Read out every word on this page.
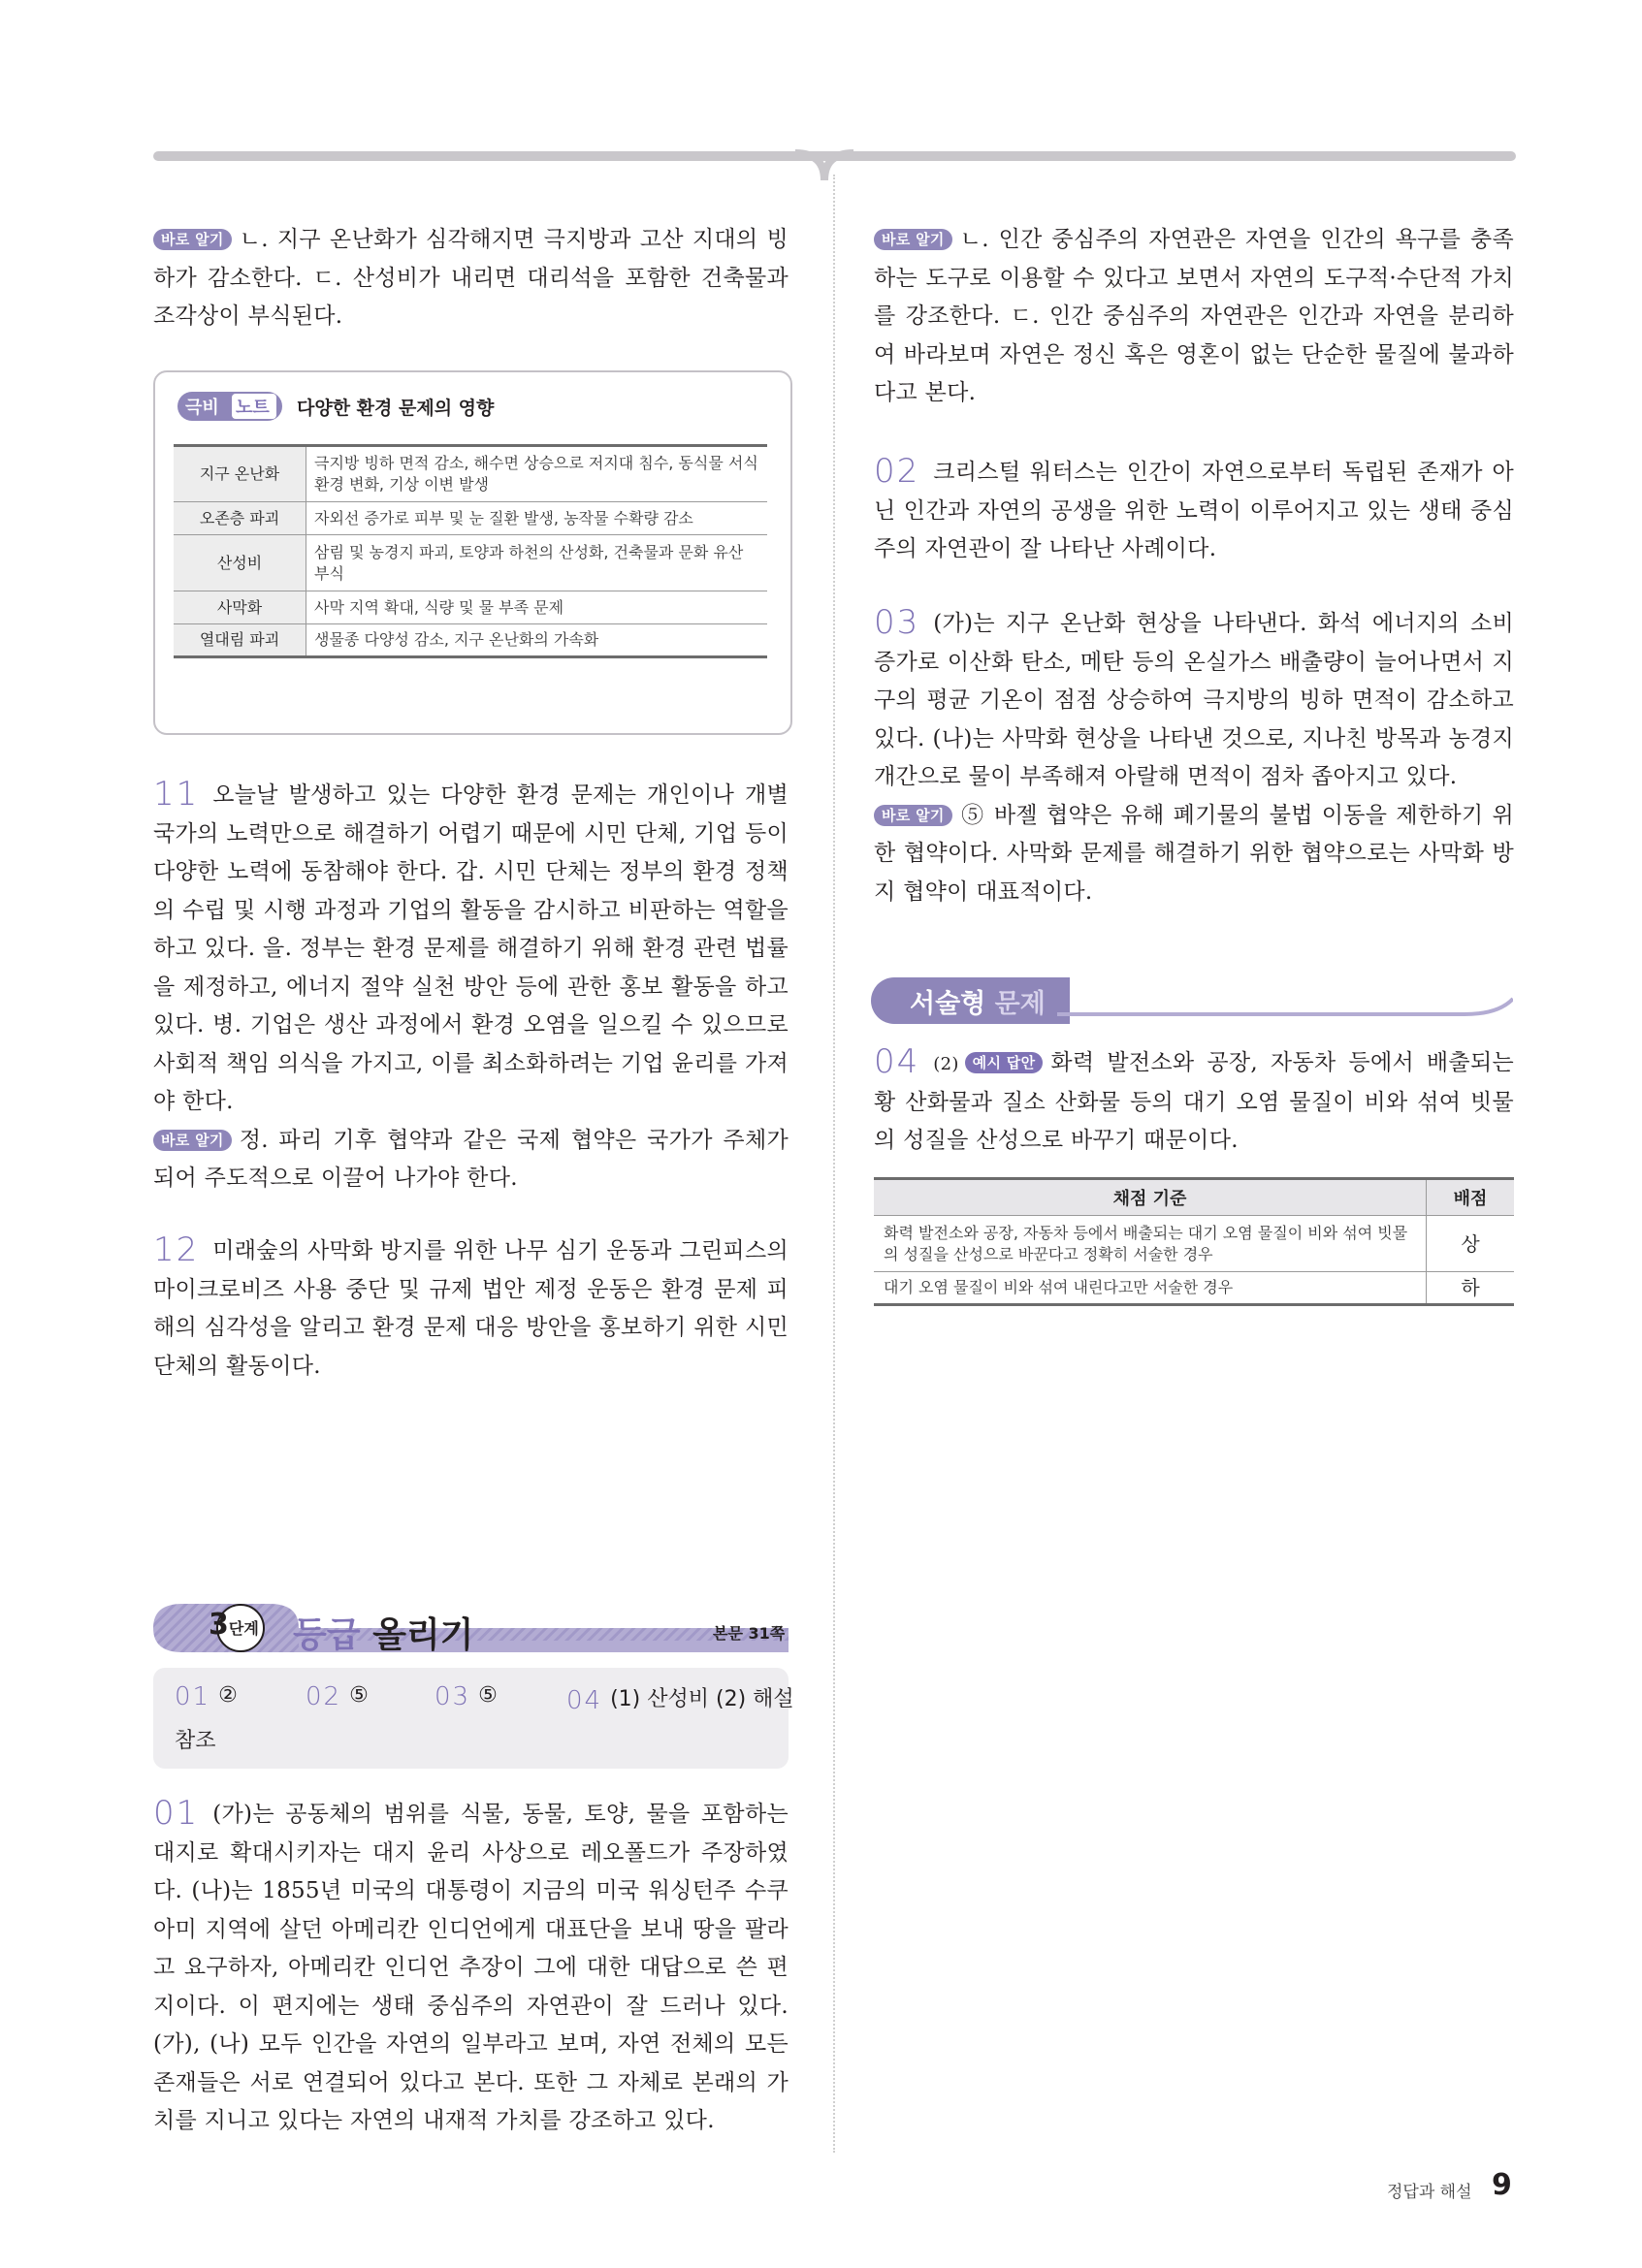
바로 알기 ㄴ. 지구 온난화가 심각해지면 극지방과 고산 지대의 빙하가 감소한다. ㄷ. 산성비가 내리면 대리석을 포함한 건축물과 조각상이 부식된다.

극비 노트 다양한 환경 문제의 영향
지구 온난화	극지방 빙하 면적 감소, 해수면 상승으로 저지대 침수, 동식물 서식 환경 변화, 기상 이변 발생
오존층 파괴	자외선 증가로 피부 및 눈 질환 발생, 농작물 수확량 감소
산성비	삼림 및 농경지 파괴, 토양과 하천의 산성화, 건축물과 문화 유산 부식
사막화	사막 지역 확대, 식량 및 물 부족 문제
열대림 파괴	생물종 다양성 감소, 지구 온난화의 가속화

11 오늘날 발생하고 있는 다양한 환경 문제는 개인이나 개별 국가의 노력만으로 해결하기 어렵기 때문에 시민 단체, 기업 등이 다양한 노력에 동참해야 한다. 갑. 시민 단체는 정부의 환경 정책의 수립 및 시행 과정과 기업의 활동을 감시하고 비판하는 역할을 하고 있다. 을. 정부는 환경 문제를 해결하기 위해 환경 관련 법률을 제정하고, 에너지 절약 실천 방안 등에 관한 홍보 활동을 하고 있다. 병. 기업은 생산 과정에서 환경 오염을 일으킬 수 있으므로 사회적 책임 의식을 가지고, 이를 최소화하려는 기업 윤리를 가져야 한다.

바로 알기 정. 파리 기후 협약과 같은 국제 협약은 국가가 주체가 되어 주도적으로 이끌어 나가야 한다.

12 미래숲의 사막화 방지를 위한 나무 심기 운동과 그린피스의 마이크로비즈 사용 중단 및 규제 법안 제정 운동은 환경 문제 피해의 심각성을 알리고 환경 문제 대응 방안을 홍보하기 위한 시민 단체의 활동이다.

3단계 등급 올리기	본문 31쪽
01 ②	02 ⑤	03 ⑤	04 (1) 산성비 (2) 해설
참조

01 (가)는 공동체의 범위를 식물, 동물, 토양, 물을 포함하는 대지로 확대시키자는 대지 윤리 사상으로 레오폴드가 주장하였다. (나)는 1855년 미국의 대통령이 지금의 미국 워싱턴주 수쿠아미 지역에 살던 아메리칸 인디언에게 대표단을 보내 땅을 팔라고 요구하자, 아메리칸 인디언 추장이 그에 대한 대답으로 쓴 편지이다. 이 편지에는 생태 중심주의 자연관이 잘 드러나 있다. (가), (나) 모두 인간을 자연의 일부라고 보며, 자연 전체의 모든 존재들은 서로 연결되어 있다고 본다. 또한 그 자체로 본래의 가치를 지니고 있다는 자연의 내재적 가치를 강조하고 있다.

바로 알기 ㄴ. 인간 중심주의 자연관은 자연을 인간의 욕구를 충족하는 도구로 이용할 수 있다고 보면서 자연의 도구적·수단적 가치를 강조한다. ㄷ. 인간 중심주의 자연관은 인간과 자연을 분리하여 바라보며 자연은 정신 혹은 영혼이 없는 단순한 물질에 불과하다고 본다.

02 크리스털 워터스는 인간이 자연으로부터 독립된 존재가 아닌 인간과 자연의 공생을 위한 노력이 이루어지고 있는 생태 중심주의 자연관이 잘 나타난 사례이다.

03 (가)는 지구 온난화 현상을 나타낸다. 화석 에너지의 소비 증가로 이산화 탄소, 메탄 등의 온실가스 배출량이 늘어나면서 지구의 평균 기온이 점점 상승하여 극지방의 빙하 면적이 감소하고 있다. (나)는 사막화 현상을 나타낸 것으로, 지나친 방목과 농경지 개간으로 물이 부족해져 아랄해 면적이 점차 좁아지고 있다.

바로 알기 ⑤ 바젤 협약은 유해 폐기물의 불법 이동을 제한하기 위한 협약이다. 사막화 문제를 해결하기 위한 협약으로는 사막화 방지 협약이 대표적이다.

서술형 문제

04 (2) 예시 답안 화력 발전소와 공장, 자동차 등에서 배출되는 황 산화물과 질소 산화물 등의 대기 오염 물질이 비와 섞여 빗물의 성질을 산성으로 바꾸기 때문이다.

채점 기준	배점
화력 발전소와 공장, 자동차 등에서 배출되는 대기 오염 물질이 비와 섞여 빗물의 성질을 산성으로 바꾼다고 정확히 서술한 경우	상
대기 오염 물질이 비와 섞여 내린다고만 서술한 경우	하
정답과 해설 9
